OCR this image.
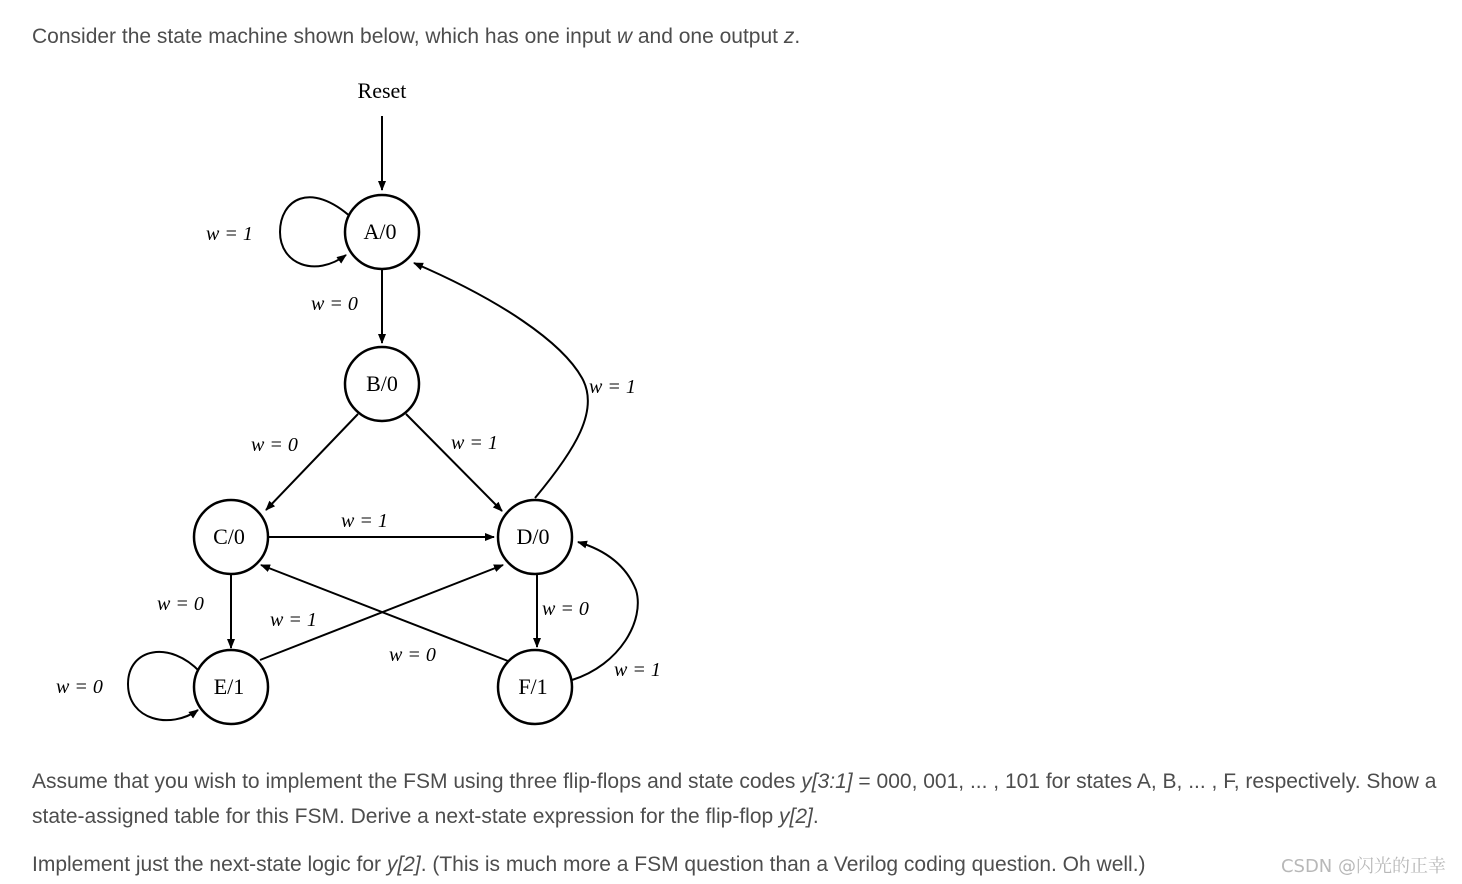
Consider the state machine shown below, which has one input w and one output z.

Reset
A/0
B/0
C/0	D/0
E/1	F/1
w = 1
w = 0
w = 0	w = 1
w = 1
w = 1
w = 0
w = 1	w = 0
w = 0
w = 1
w = 0

Assume that you wish to implement the FSM using three flip-flops and state codes y[3:1] = 000, 001, ... , 101 for states A, B, ... , F, respectively. Show a state-assigned table for this FSM. Derive a next-state expression for the flip-flop y[2].

Implement just the next-state logic for y[2]. (This is much more a FSM question than a Verilog coding question. Oh well.)	CSDN @闪光的正幸
